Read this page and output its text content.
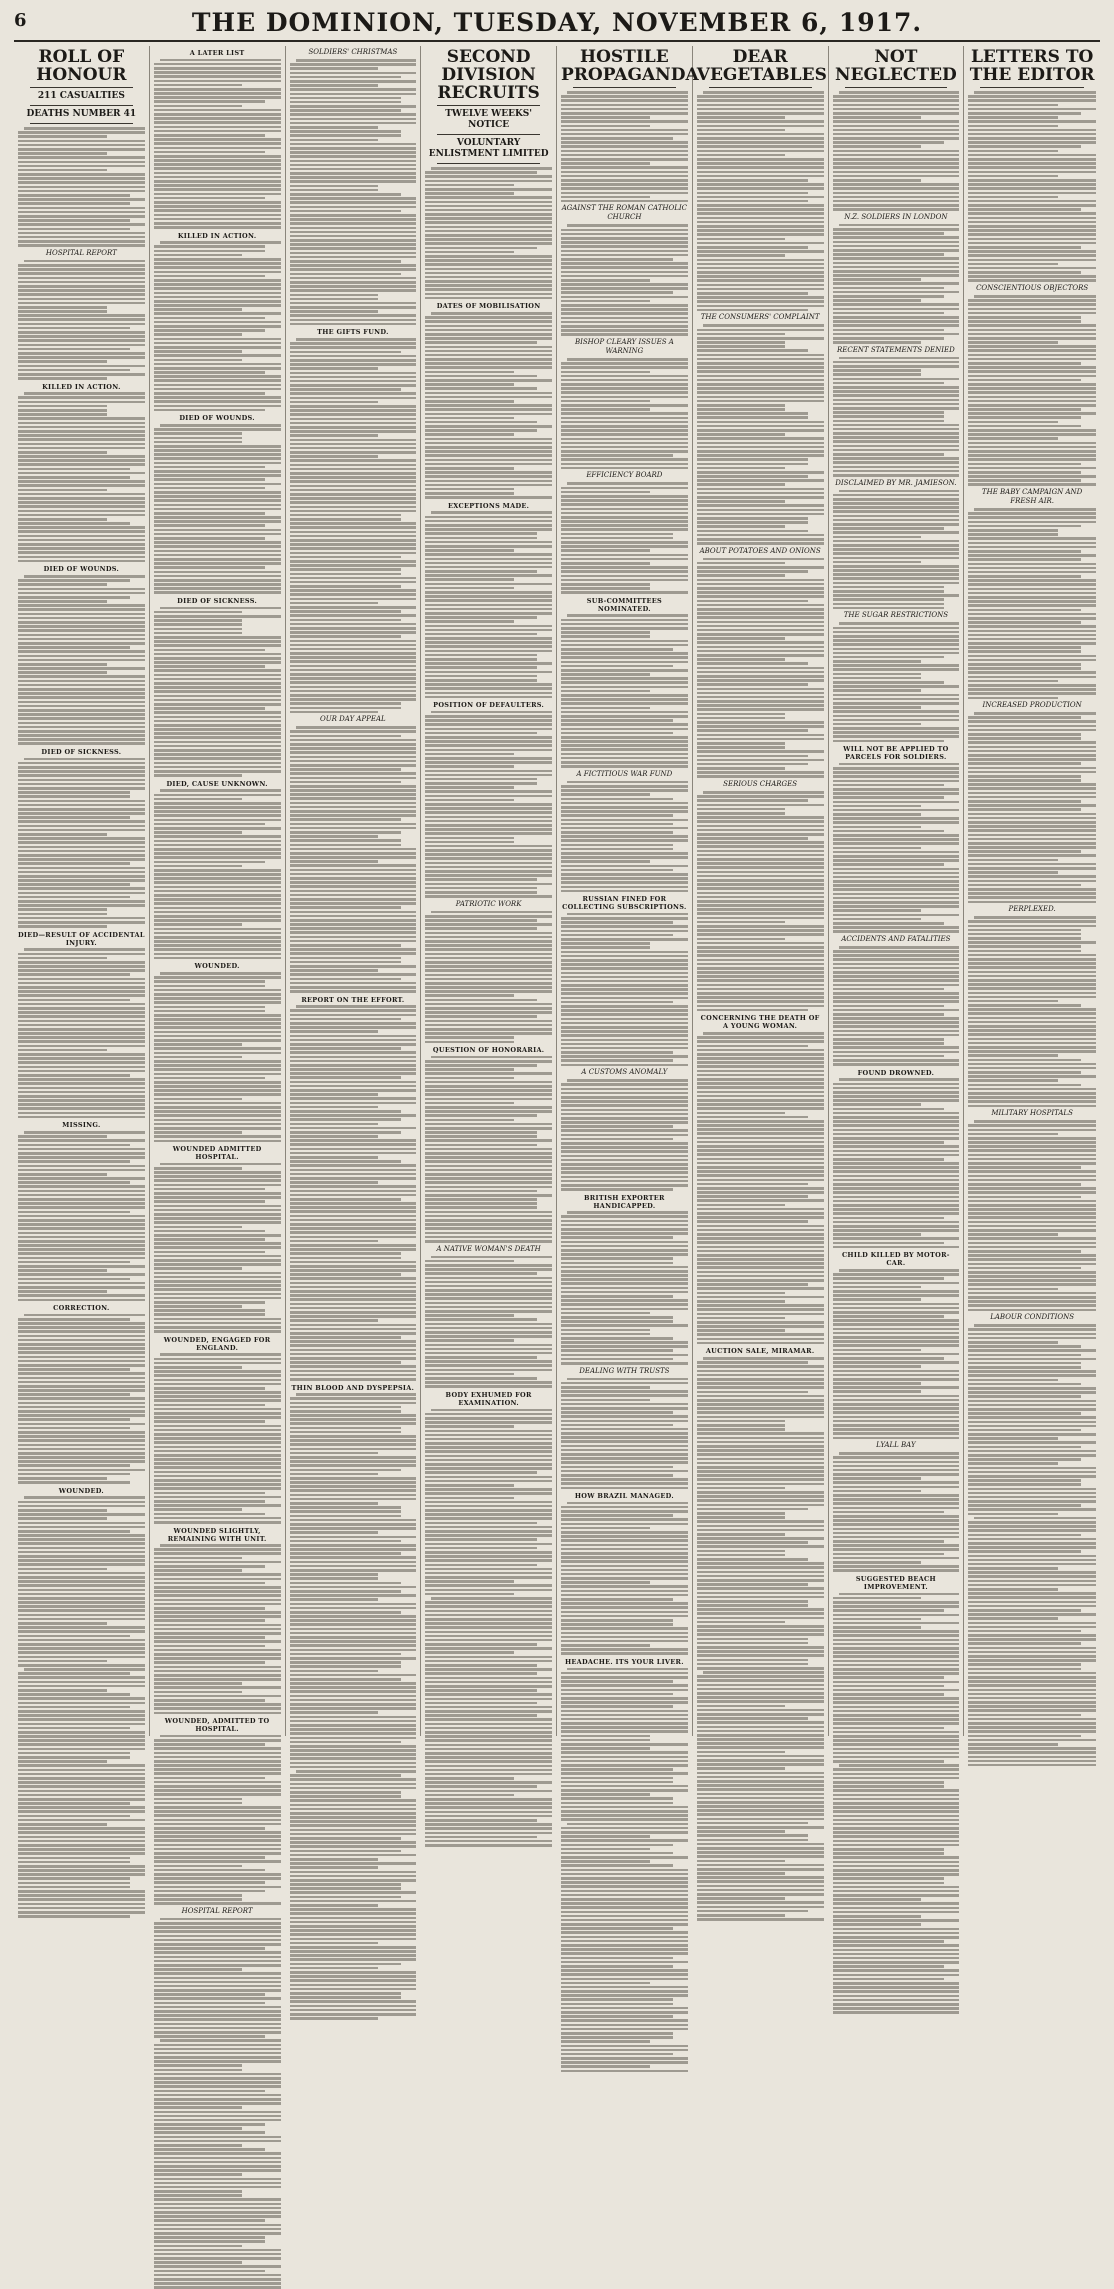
6	THE DOMINION, TUESDAY, NOVEMBER 6, 1917.
ROLL OF HONOUR
211 CASUALTIES
DEATHS NUMBER 41
HOSPITAL REPORT
KILLED IN ACTION.
DIED OF WOUNDS.
DIED OF SICKNESS.
DIED—RESULT OF ACCIDENTAL INJURY.
MISSING.
CORRECTION.
WOUNDED.
A LATER LIST
KILLED IN ACTION.
DIED OF WOUNDS.
DIED OF SICKNESS.
DIED, CAUSE UNKNOWN.
WOUNDED.
WOUNDED ADMITTED HOSPITAL.
WOUNDED, ENGAGED FOR ENGLAND.
WOUNDED SLIGHTLY, REMAINING WITH UNIT.
WOUNDED, ADMITTED TO HOSPITAL.
HOSPITAL REPORT
SOLDIERS' CHRISTMAS
THE GIFTS FUND.
OUR DAY APPEAL
REPORT ON THE EFFORT.
THIN BLOOD AND DYSPEPSIA.
SECOND DIVISION RECRUITS
TWELVE WEEKS' NOTICE
VOLUNTARY ENLISTMENT LIMITED
DATES OF MOBILISATION
EXCEPTIONS MADE.
POSITION OF DEFAULTERS.
PATRIOTIC WORK
QUESTION OF HONORARIA.
A NATIVE WOMAN'S DEATH
BODY EXHUMED FOR EXAMINATION.
HOSTILE PROPAGANDA
AGAINST THE ROMAN CATHOLIC CHURCH
BISHOP CLEARY ISSUES A WARNING
EFFICIENCY BOARD
SUB-COMMITTEES NOMINATED.
A FICTITIOUS WAR FUND
RUSSIAN FINED FOR COLLECTING SUBSCRIPTIONS.
A CUSTOMS ANOMALY
BRITISH EXPORTER HANDICAPPED.
DEALING WITH TRUSTS
HOW BRAZIL MANAGED.
HEADACHE. ITS YOUR LIVER.
DEAR VEGETABLES
THE CONSUMERS' COMPLAINT
ABOUT POTATOES AND ONIONS
SERIOUS CHARGES
CONCERNING THE DEATH OF A YOUNG WOMAN.
AUCTION SALE, MIRAMAR.
NOT NEGLECTED
N.Z. SOLDIERS IN LONDON
RECENT STATEMENTS DENIED
DISCLAIMED BY MR. JAMIESON.
THE SUGAR RESTRICTIONS
WILL NOT BE APPLIED TO PARCELS FOR SOLDIERS.
ACCIDENTS AND FATALITIES
FOUND DROWNED.
CHILD KILLED BY MOTOR-CAR.
LYALL BAY
SUGGESTED BEACH IMPROVEMENT.
LETTERS TO THE EDITOR
CONSCIENTIOUS OBJECTORS
THE BABY CAMPAIGN AND FRESH AIR.
INCREASED PRODUCTION
PERPLEXED.
MILITARY HOSPITALS
LABOUR CONDITIONS
